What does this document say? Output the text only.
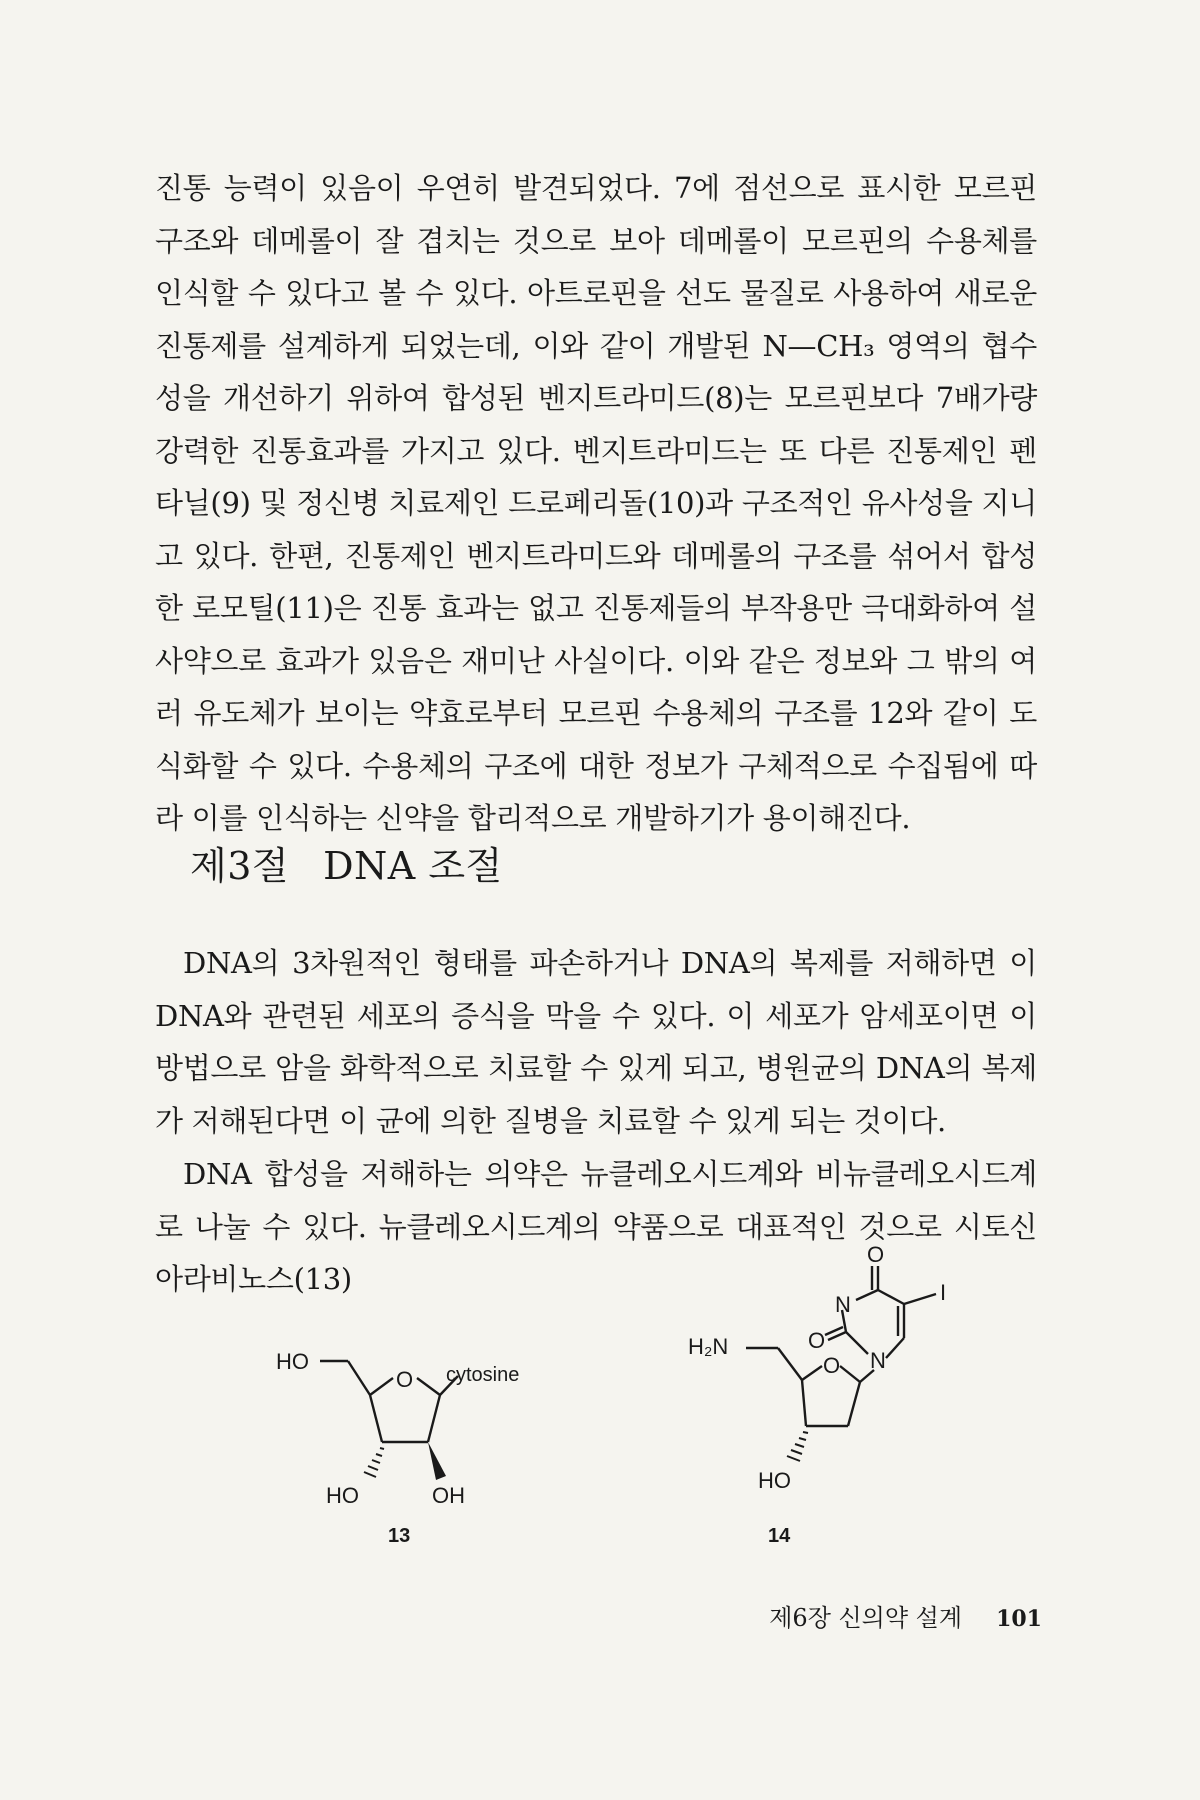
진통 능력이 있음이 우연히 발견되었다. 7에 점선으로 표시한 모르핀 구조와 데메롤이 잘 겹치는 것으로 보아 데메롤이 모르핀의 수용체를 인식할 수 있다고 볼 수 있다. 아트로핀을 선도 물질로 사용하여 새로운 진통제를 설계하게 되었는데, 이와 같이 개발된 N—CH₃ 영역의 협수성을 개선하기 위하여 합성된 벤지트라미드(8)는 모르핀보다 7배가량 강력한 진통효과를 가지고 있다. 벤지트라미드는 또 다른 진통제인 펜타닐(9) 및 정신병 치료제인 드로페리돌(10)과 구조적인 유사성을 지니고 있다. 한편, 진통제인 벤지트라미드와 데메롤의 구조를 섞어서 합성한 로모틸(11)은 진통 효과는 없고 진통제들의 부작용만 극대화하여 설사약으로 효과가 있음은 재미난 사실이다. 이와 같은 정보와 그 밖의 여러 유도체가 보이는 약효로부터 모르핀 수용체의 구조를 12와 같이 도식화할 수 있다. 수용체의 구조에 대한 정보가 구체적으로 수집됨에 따라 이를 인식하는 신약을 합리적으로 개발하기가 용이해진다.
제3절 DNA 조절
DNA의 3차원적인 형태를 파손하거나 DNA의 복제를 저해하면 이 DNA와 관련된 세포의 증식을 막을 수 있다. 이 세포가 암세포이면 이 방법으로 암을 화학적으로 치료할 수 있게 되고, 병원균의 DNA의 복제가 저해된다면 이 균에 의한 질병을 치료할 수 있게 되는 것이다.
DNA 합성을 저해하는 의약은 뉴클레오시드계와 비뉴클레오시드계로 나눌 수 있다. 뉴클레오시드계의 약품으로 대표적인 것으로 시토신 아라비노스(13)
HO
O cytosine
HO	OH
13
H₂N
O
HO
N
N
O
O
I
14
제6장 신의약 설계 101
